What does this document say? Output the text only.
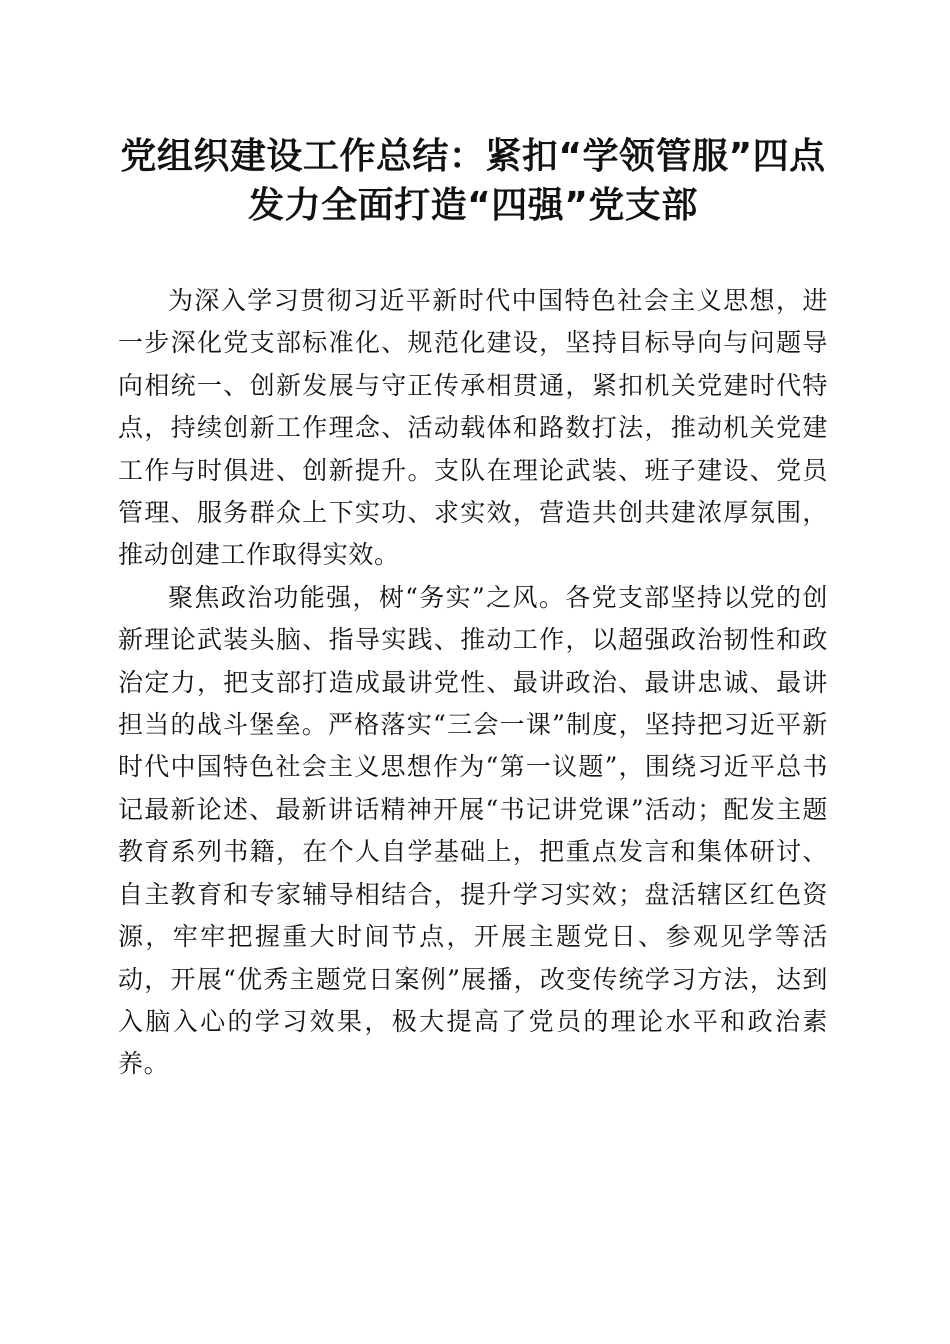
党组织建设工作总结：紧扣“学领管服”四点
发力全面打造“四强”党支部

为深入学习贯彻习近平新时代中国特色社会主义思想，进一步深化党支部标准化、规范化建设，坚持目标导向与问题导向相统一、创新发展与守正传承相贯通，紧扣机关党建时代特点，持续创新工作理念、活动载体和路数打法，推动机关党建工作与时俱进、创新提升。支队在理论武装、班子建设、党员管理、服务群众上下实功、求实效，营造共创共建浓厚氛围，推动创建工作取得实效。

聚焦政治功能强，树“务实”之风。各党支部坚持以党的创新理论武装头脑、指导实践、推动工作，以超强政治韧性和政治定力，把支部打造成最讲党性、最讲政治、最讲忠诚、最讲担当的战斗堡垒。严格落实“三会一课”制度，坚持把习近平新时代中国特色社会主义思想作为“第一议题”，围绕习近平总书记最新论述、最新讲话精神开展“书记讲党课”活动；配发主题教育系列书籍，在个人自学基础上，把重点发言和集体研讨、自主教育和专家辅导相结合，提升学习实效；盘活辖区红色资源，牢牢把握重大时间节点，开展主题党日、参观见学等活动，开展“优秀主题党日案例”展播，改变传统学习方法，达到入脑入心的学习效果，极大提高了党员的理论水平和政治素养。
